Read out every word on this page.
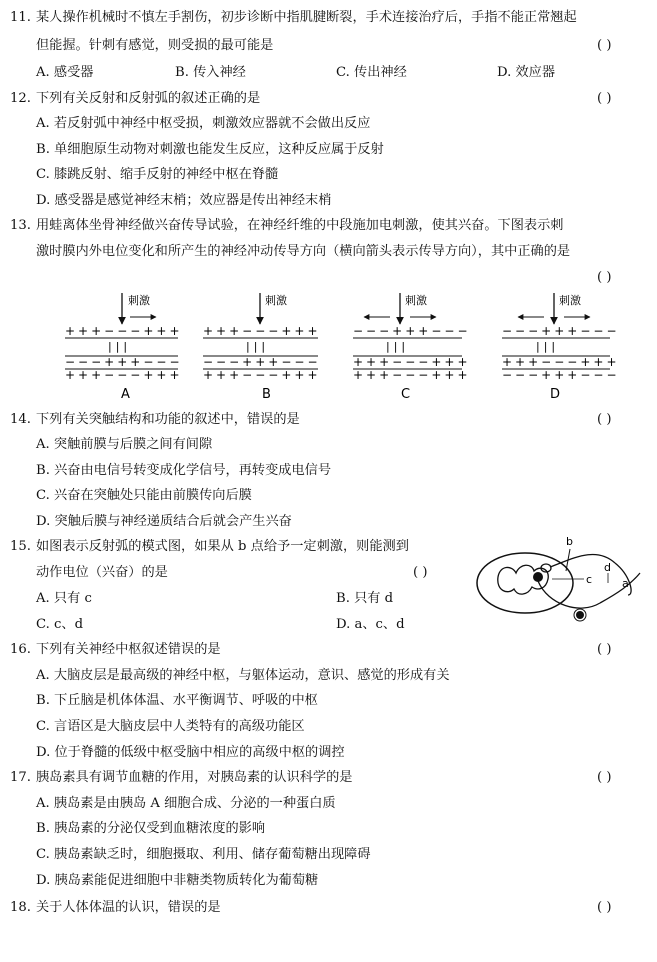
11. 某人操作机械时不慎左手割伤，初步诊断中指肌腱断裂，手术连接治疗后，手指不能正常翘起
但能握。针刺有感觉，则受损的最可能是	( )
A. 感受器	B. 传入神经	C. 传出神经	D. 效应器
12. 下列有关反射和反射弧的叙述正确的是	( )
A. 若反射弧中神经中枢受损，刺激效应器就不会做出反应
B. 单细胞原生动物对刺激也能发生反应，这种反应属于反射
C. 膝跳反射、缩手反射的神经中枢在脊髓
D. 感受器是感觉神经末梢；效应器是传出神经末梢
13. 用蛙离体坐骨神经做兴奋传导试验，在神经纤维的中段施加电刺激，使其兴奋。下图表示刺
激时膜内外电位变化和所产生的神经冲动传导方向（横向箭头表示传导方向），其中正确的是
( )
刺激
+++−−−+++
|||
−−−+++−−−
+++−−−+++
刺激
+++−−−+++
|||
−−−+++−−−
+++−−−+++
刺激
−−−+++−−−
|||
+++−−−+++
+++−−−+++
刺激
−−−+++−−−
|||
+++−−−+++
−−−+++−−−
A	B	C	D
14. 下列有关突触结构和功能的叙述中，错误的是	( )
A. 突触前膜与后膜之间有间隙
B. 兴奋由电信号转变成化学信号，再转变成电信号
C. 兴奋在突触处只能由前膜传向后膜
D. 突触后膜与神经递质结合后就会产生兴奋
15. 如图表示反射弧的模式图，如果从 b 点给予一定刺激，则能测到
动作电位（兴奋）的是	( )
A. 只有 c	B. 只有 d
C. c、d	D. a、c、d
b
d
c	a
16. 下列有关神经中枢叙述错误的是	( )
A. 大脑皮层是最高级的神经中枢，与躯体运动，意识、感觉的形成有关
B. 下丘脑是机体体温、水平衡调节、呼吸的中枢
C. 言语区是大脑皮层中人类特有的高级功能区
D. 位于脊髓的低级中枢受脑中相应的高级中枢的调控
17. 胰岛素具有调节血糖的作用，对胰岛素的认识科学的是	( )
A. 胰岛素是由胰岛 A 细胞合成、分泌的一种蛋白质
B. 胰岛素的分泌仅受到血糖浓度的影响
C. 胰岛素缺乏时，细胞摄取、利用、储存葡萄糖出现障碍
D. 胰岛素能促进细胞中非糖类物质转化为葡萄糖
18. 关于人体体温的认识，错误的是	( )
